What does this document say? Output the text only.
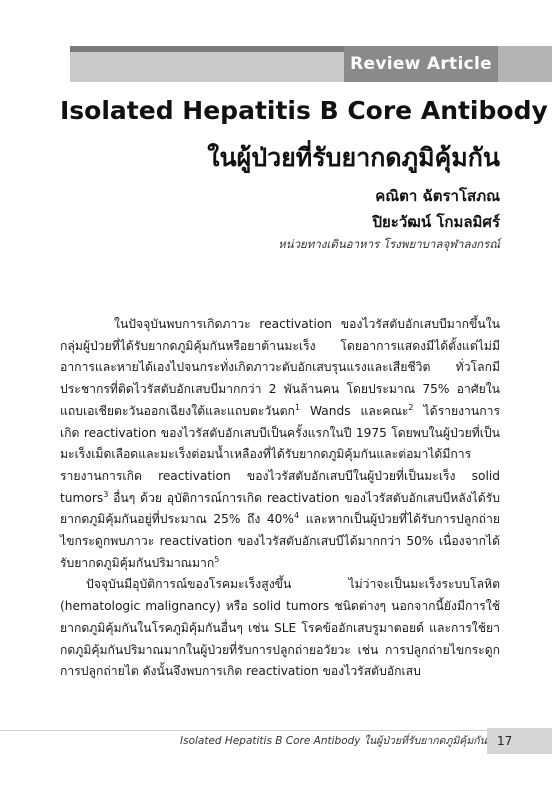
Review Article
Isolated Hepatitis B Core Antibody
ในผู้ป่วยที่รับยากดภูมิคุ้มกัน
คณิตา ฉัตราโสภณ
ปิยะวัฒน์ โกมลมิศร์
หน่วยทางเดินอาหาร โรงพยาบาลจุฬาลงกรณ์

ในปัจจุบันพบการเกิดภาวะ reactivation ของไวรัสตับอักเสบบีมากขึ้นในกลุ่มผู้ป่วยที่ได้รับยากดภูมิคุ้มกันหรือยาต้านมะเร็ง โดยอาการแสดงมีได้ตั้งแต่ไม่มีอาการและหายได้เองไปจนกระทั่งเกิดภาวะตับอักเสบรุนแรงและเสียชีวิต ทั่วโลกมีประชากรที่ติดไวรัสตับอักเสบบีมากกว่า 2 พันล้านคน โดยประมาณ 75% อาศัยในแถบเอเชียตะวันออกเฉียงใต้และแถบตะวันตก$^1$ Wands และคณะ$^2$ ได้รายงานการเกิด reactivation ของไวรัสตับอักเสบบีเป็นครั้งแรกในปี 1975 โดยพบในผู้ป่วยที่เป็นมะเร็งเม็ดเลือดและมะเร็งต่อมน้ำเหลืองที่ได้รับยากดภูมิคุ้มกันและต่อมาได้มีการรายงานการเกิด reactivation ของไวรัสตับอักเสบบีในผู้ป่วยที่เป็นมะเร็ง solid tumors$^3$ อื่นๆ ด้วย อุบัติการณ์การเกิด reactivation ของไวรัสตับอักเสบบีหลังได้รับยากดภูมิคุ้มกันอยู่ที่ประมาณ 25% ถึง 40%$^4$ และหากเป็นผู้ป่วยที่ได้รับการปลูกถ่ายไขกระดูกพบภาวะ reactivation ของไวรัสตับอักเสบบีได้มากกว่า 50% เนื่องจากได้รับยากดภูมิคุ้มกันปริมาณมาก$^5$

ปัจจุบันมีอุบัติการณ์ของโรคมะเร็งสูงขึ้น ไม่ว่าจะเป็นมะเร็งระบบโลหิต (hematologic malignancy) หรือ solid tumors ชนิดต่างๆ นอกจากนี้ยังมีการใช้ยากดภูมิคุ้มกันในโรคภูมิคุ้มกันอื่นๆ เช่น SLE โรคข้ออักเสบรูมาตอยด์ และการใช้ยากดภูมิคุ้มกันปริมาณมากในผู้ป่วยที่รับการปลูกถ่ายอวัยวะ เช่น การปลูกถ่ายไขกระดูก การปลูกถ่ายไต ดังนั้นจึงพบการเกิด reactivation ของไวรัสตับอักเสบ

Isolated Hepatitis B Core Antibody ในผู้ป่วยที่รับยากดภูมิคุ้มกัน 17
